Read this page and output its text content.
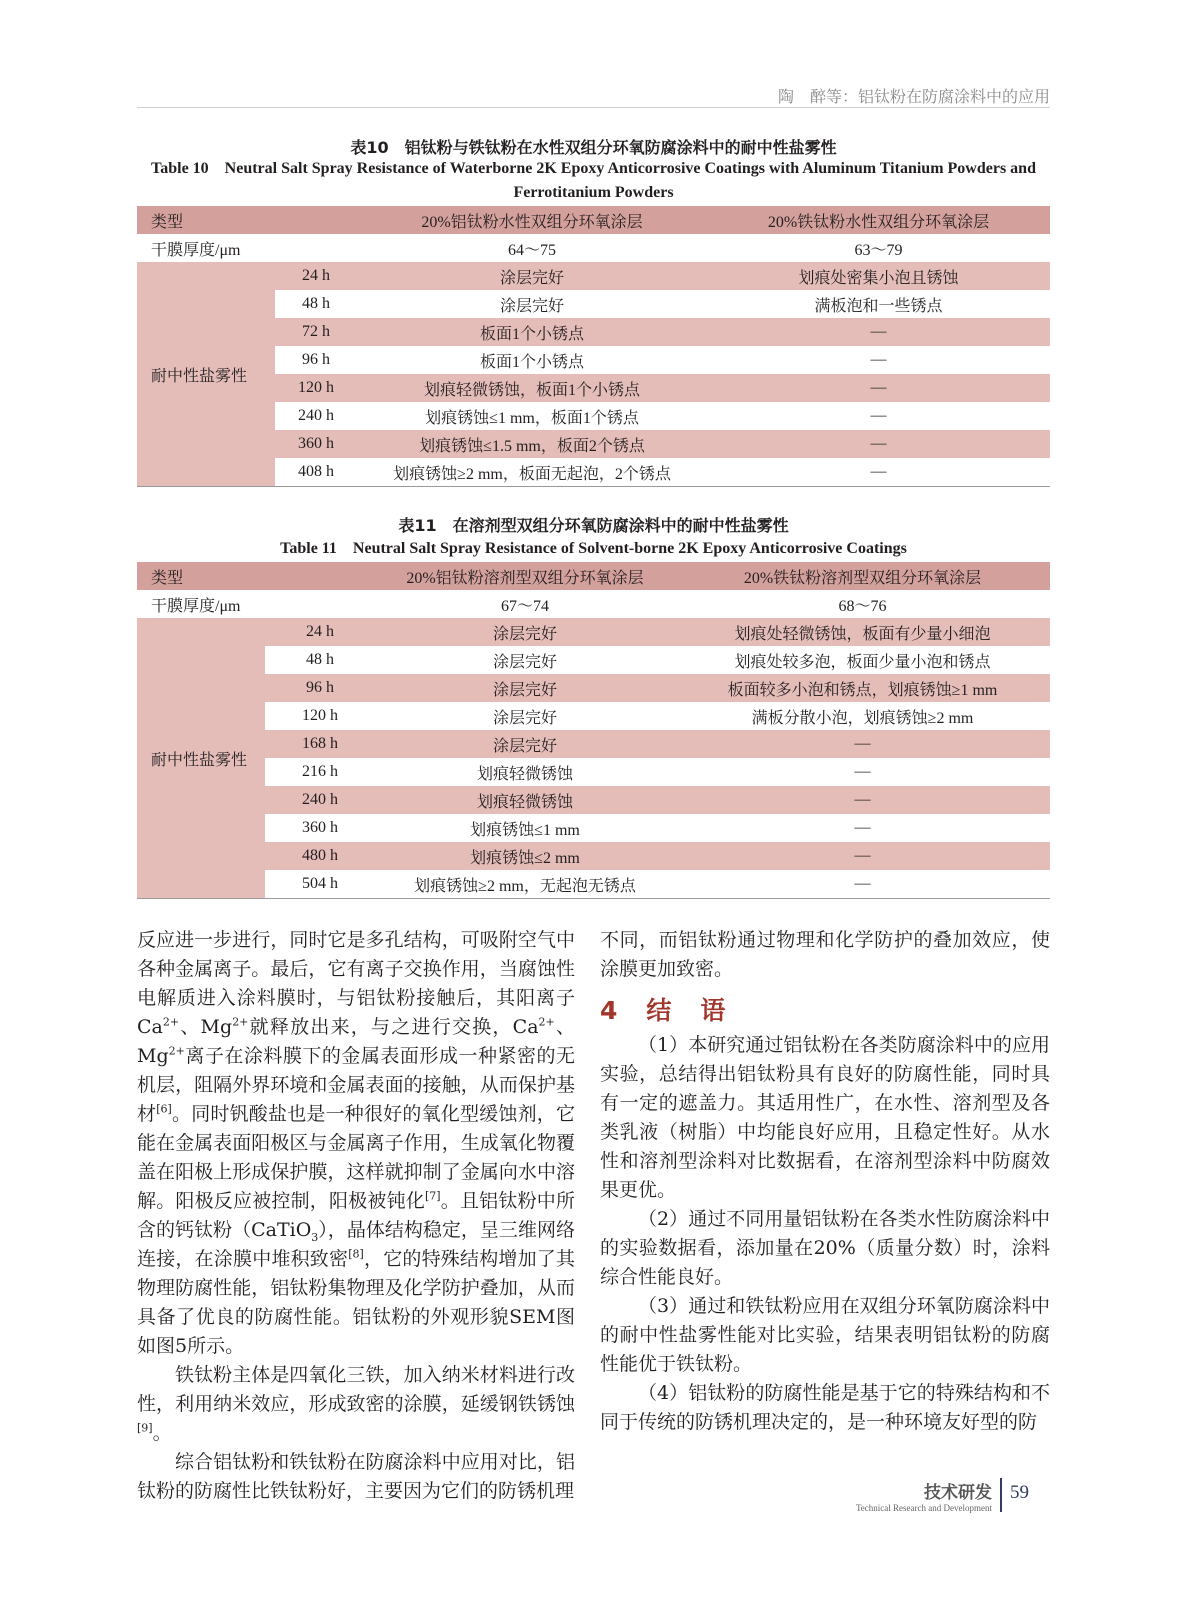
陶　醉等：铝钛粉在防腐涂料中的应用
表10　铝钛粉与铁钛粉在水性双组分环氧防腐涂料中的耐中性盐雾性
Table 10　Neutral Salt Spray Resistance of Waterborne 2K Epoxy Anticorrosive Coatings with Aluminum Titanium Powders and Ferrotitanium Powders
类型		20%铝钛粉水性双组分环氧涂层	20%铁钛粉水性双组分环氧涂层
干膜厚度/μm		64～75	63～79
耐中性盐雾性	24 h	涂层完好	划痕处密集小泡且锈蚀
	48 h	涂层完好	满板泡和一些锈点
	72 h	板面1个小锈点	—
	96 h	板面1个小锈点	—
	120 h	划痕轻微锈蚀，板面1个小锈点	—
	240 h	划痕锈蚀≤1 mm，板面1个锈点	—
	360 h	划痕锈蚀≤1.5 mm，板面2个锈点	—
	408 h	划痕锈蚀≥2 mm，板面无起泡，2个锈点	—
表11　在溶剂型双组分环氧防腐涂料中的耐中性盐雾性
Table 11　Neutral Salt Spray Resistance of Solvent-borne 2K Epoxy Anticorrosive Coatings
类型		20%铝钛粉溶剂型双组分环氧涂层	20%铁钛粉溶剂型双组分环氧涂层
干膜厚度/μm		67～74	68～76
耐中性盐雾性	24 h	涂层完好	划痕处轻微锈蚀，板面有少量小细泡
	48 h	涂层完好	划痕处较多泡，板面少量小泡和锈点
	96 h	涂层完好	板面较多小泡和锈点，划痕锈蚀≥1 mm
	120 h	涂层完好	满板分散小泡，划痕锈蚀≥2 mm
	168 h	涂层完好	—
	216 h	划痕轻微锈蚀	—
	240 h	划痕轻微锈蚀	—
	360 h	划痕锈蚀≤1 mm	—
	480 h	划痕锈蚀≤2 mm	—
	504 h	划痕锈蚀≥2 mm，无起泡无锈点	—

反应进一步进行，同时它是多孔结构，可吸附空气中各种金属离子。最后，它有离子交换作用，当腐蚀性电解质进入涂料膜时，与铝钛粉接触后，其阳离子$Ca^{2+}$、$Mg^{2+}$就释放出来，与之进行交换，$Ca^{2+}$、$Mg^{2+}$离子在涂料膜下的金属表面形成一种紧密的无机层，阻隔外界环境和金属表面的接触，从而保护基材[6]。同时钒酸盐也是一种很好的氧化型缓蚀剂，它能在金属表面阳极区与金属离子作用，生成氧化物覆盖在阳极上形成保护膜，这样就抑制了金属向水中溶解。阳极反应被控制，阳极被钝化[7]。且铝钛粉中所含的钙钛粉（CaTiO$_3$），晶体结构稳定，呈三维网络连接，在涂膜中堆积致密[8]，它的特殊结构增加了其物理防腐性能，铝钛粉集物理及化学防护叠加，从而具备了优良的防腐性能。铝钛粉的外观形貌SEM图如图5所示。

铁钛粉主体是四氧化三铁，加入纳米材料进行改性，利用纳米效应，形成致密的涂膜，延缓钢铁锈蚀[9]。

综合铝钛粉和铁钛粉在防腐涂料中应用对比，铝钛粉的防腐性比铁钛粉好，主要因为它们的防锈机理

不同，而铝钛粉通过物理和化学防护的叠加效应，使涂膜更加致密。

4　结　语

（1）本研究通过铝钛粉在各类防腐涂料中的应用实验，总结得出铝钛粉具有良好的防腐性能，同时具有一定的遮盖力。其适用性广，在水性、溶剂型及各类乳液（树脂）中均能良好应用，且稳定性好。从水性和溶剂型涂料对比数据看，在溶剂型涂料中防腐效果更优。

（2）通过不同用量铝钛粉在各类水性防腐涂料中的实验数据看，添加量在20%（质量分数）时，涂料综合性能良好。

（3）通过和铁钛粉应用在双组分环氧防腐涂料中的耐中性盐雾性能对比实验，结果表明铝钛粉的防腐性能优于铁钛粉。

（4）铝钛粉的防腐性能是基于它的特殊结构和不同于传统的防锈机理决定的，是一种环境友好型的防

技术研发
Technical Research and Development
59
